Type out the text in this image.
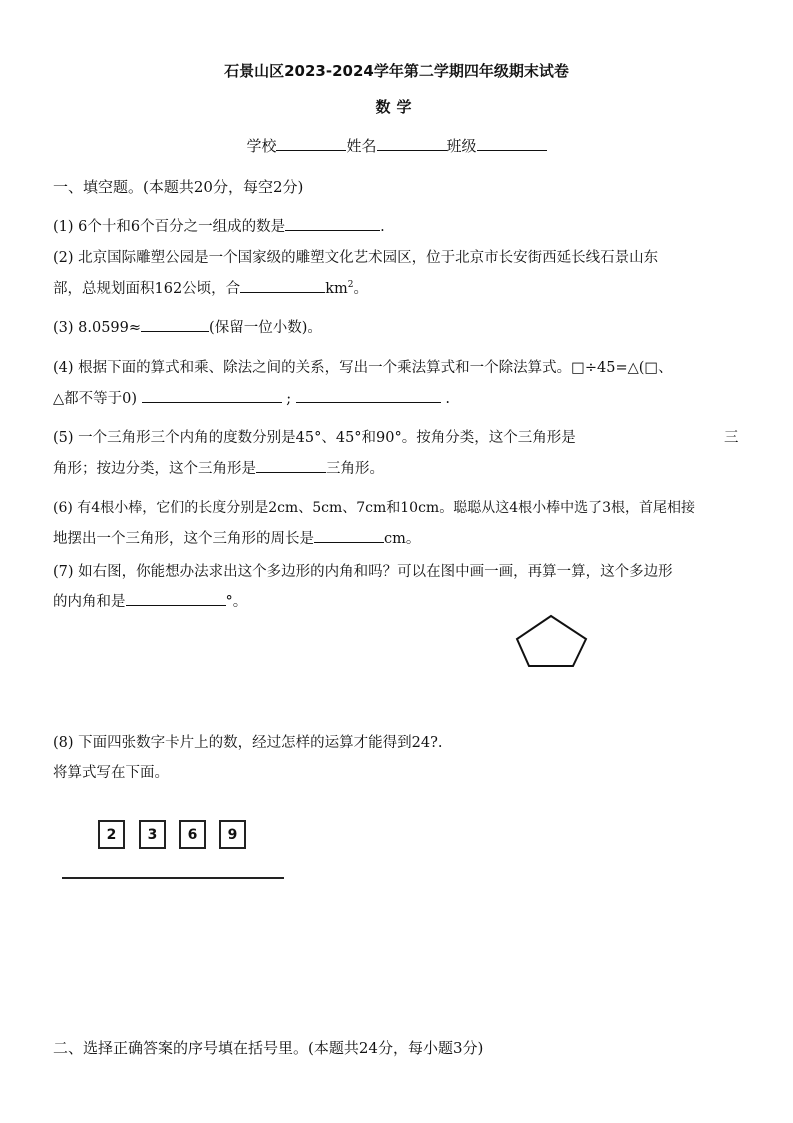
石景山区2023-2024学年第二学期四年级期末试卷
数学
学校	姓名	班级
一、填空题。(本题共20分，每空2分)
(1) 6个十和6个百分之一组成的数是	.
(2) 北京国际雕塑公园是一个国家级的雕塑文化艺术园区，位于北京市长安街西延长线石景山东
部，总规划面积162公顷，合	$km^2$。
(3) 8.0599≈	(保留一位小数)。
(4) 根据下面的算式和乘、除法之间的关系，写出一个乘法算式和一个除法算式。□÷45=△(□、
△都不等于0)	;	.
(5) 一个三角形三个内角的度数分别是45°、45°和90°。按角分类，这个三角形是	三
角形；按边分类，这个三角形是	三角形。
(6) 有4根小棒，它们的长度分别是2cm、5cm、7cm和10cm。聪聪从这4根小棒中选了3根，首尾相接
地摆出一个三角形，这个三角形的周长是	cm。
(7) 如右图，你能想办法求出这个多边形的内角和吗？可以在图中画一画，再算一算，这个多边形
的内角和是	°。
(8) 下面四张数字卡片上的数，经过怎样的运算才能得到24?.
将算式写在下面。
2	3	6	9
二、选择正确答案的序号填在括号里。(本题共24分，每小题3分)
